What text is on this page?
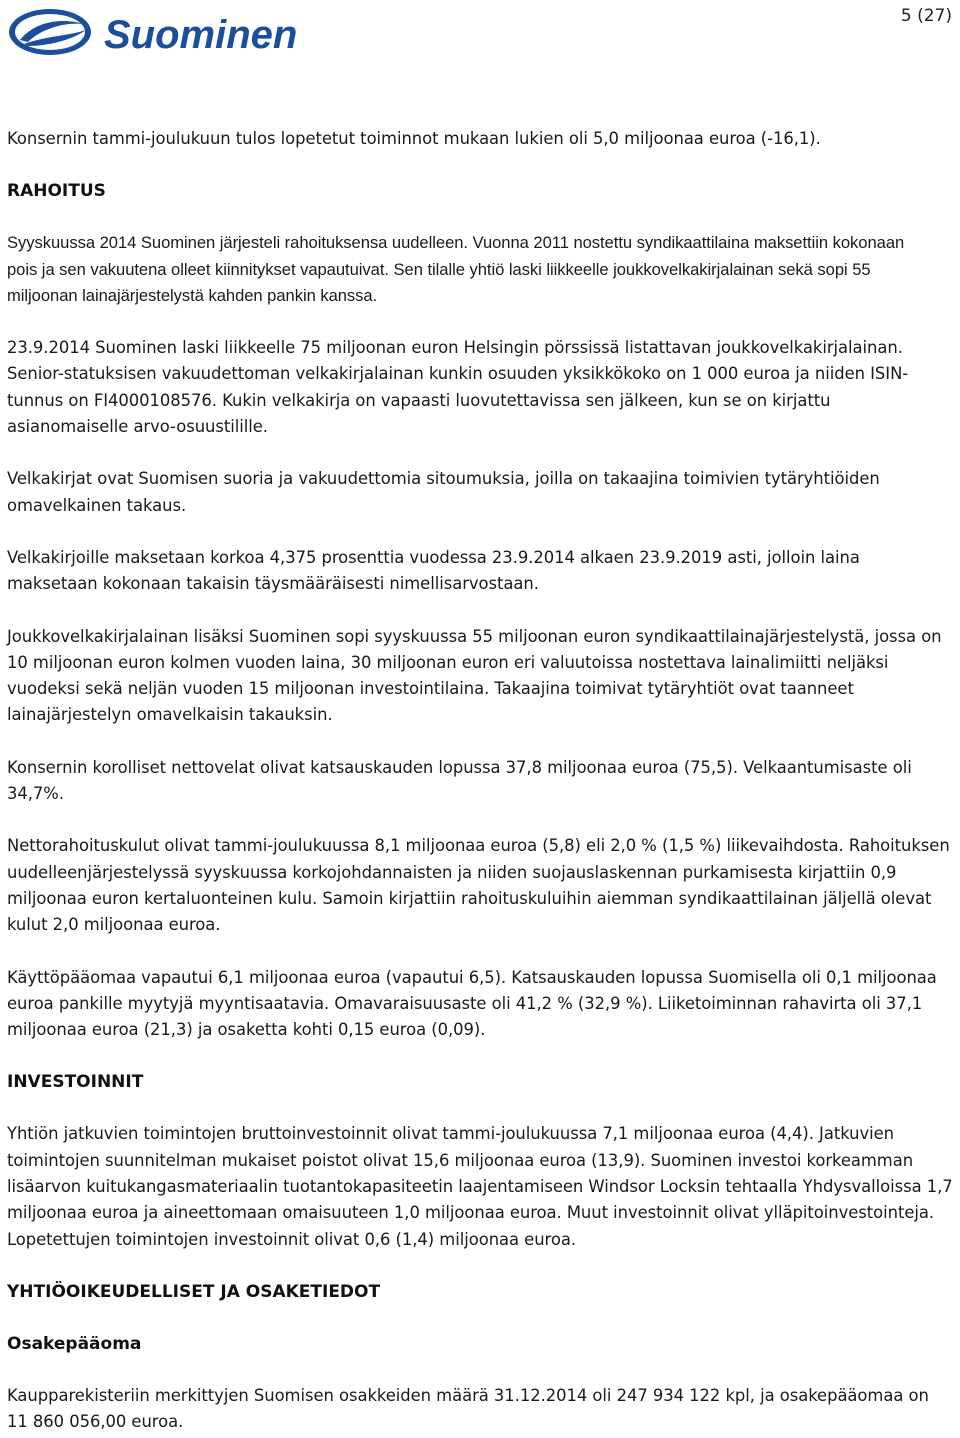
Suominen	5 (27)

Konsernin tammi-joulukuun tulos lopetetut toiminnot mukaan lukien oli 5,0 miljoonaa euroa (-16,1).

RAHOITUS

Syyskuussa 2014 Suominen järjesteli rahoituksensa uudelleen. Vuonna 2011 nostettu syndikaattilaina maksettiin kokonaan pois ja sen vakuutena olleet kiinnitykset vapautuivat. Sen tilalle yhtiö laski liikkeelle joukkovelkakirjalainan sekä sopi 55 miljoonan lainajärjestelystä kahden pankin kanssa.

23.9.2014 Suominen laski liikkeelle 75 miljoonan euron Helsingin pörssissä listattavan joukkovelkakirjalainan. Senior-statuksisen vakuudettoman velkakirjalainan kunkin osuuden yksikkökoko on 1 000 euroa ja niiden ISIN-tunnus on FI4000108576. Kukin velkakirja on vapaasti luovutettavissa sen jälkeen, kun se on kirjattu asianomaiselle arvo-osuustilille.

Velkakirjat ovat Suomisen suoria ja vakuudettomia sitoumuksia, joilla on takaajina toimivien tytäryhtiöiden omavelkainen takaus.

Velkakirjoille maksetaan korkoa 4,375 prosenttia vuodessa 23.9.2014 alkaen 23.9.2019 asti, jolloin laina maksetaan kokonaan takaisin täysmääräisesti nimellisarvostaan.

Joukkovelkakirjalainan lisäksi Suominen sopi syyskuussa 55 miljoonan euron syndikaattilainajärjestelystä, jossa on 10 miljoonan euron kolmen vuoden laina, 30 miljoonan euron eri valuutoissa nostettava lainalimiitti neljäksi vuodeksi sekä neljän vuoden 15 miljoonan investointilaina. Takaajina toimivat tytäryhtiöt ovat taanneet lainajärjestelyn omavelkaisin takauksin.

Konsernin korolliset nettovelat olivat katsauskauden lopussa 37,8 miljoonaa euroa (75,5). Velkaantumisaste oli 34,7%.

Nettorahoituskulut olivat tammi-joulukuussa 8,1 miljoonaa euroa (5,8) eli 2,0 % (1,5 %) liikevaihdosta. Rahoituksen uudelleenjärjestelyssä syyskuussa korkojohdannaisten ja niiden suojauslaskennan purkamisesta kirjattiin 0,9 miljoonaa euron kertaluonteinen kulu. Samoin kirjattiin rahoituskuluihin aiemman syndikaattilainan jäljellä olevat kulut 2,0 miljoonaa euroa.

Käyttöpääomaa vapautui 6,1 miljoonaa euroa (vapautui 6,5). Katsauskauden lopussa Suomisella oli 0,1 miljoonaa euroa pankille myytyjä myyntisaatavia. Omavaraisuusaste oli 41,2 % (32,9 %). Liiketoiminnan rahavirta oli 37,1 miljoonaa euroa (21,3) ja osaketta kohti 0,15 euroa (0,09).

INVESTOINNIT

Yhtiön jatkuvien toimintojen bruttoinvestoinnit olivat tammi-joulukuussa 7,1 miljoonaa euroa (4,4). Jatkuvien toimintojen suunnitelman mukaiset poistot olivat 15,6 miljoonaa euroa (13,9). Suominen investoi korkeamman lisäarvon kuitukangasmateriaalin tuotantokapasiteetin laajentamiseen Windsor Locksin tehtaalla Yhdysvalloissa 1,7 miljoonaa euroa ja aineettomaan omaisuuteen 1,0 miljoonaa euroa. Muut investoinnit olivat ylläpitoinvestointeja. Lopetettujen toimintojen investoinnit olivat 0,6 (1,4) miljoonaa euroa.

YHTIÖOIKEUDELLISET JA OSAKETIEDOT
Osakepääoma

Kaupparekisteriin merkittyjen Suomisen osakkeiden määrä 31.12.2014 oli 247 934 122 kpl, ja osakepääomaa on 11 860 056,00 euroa.
